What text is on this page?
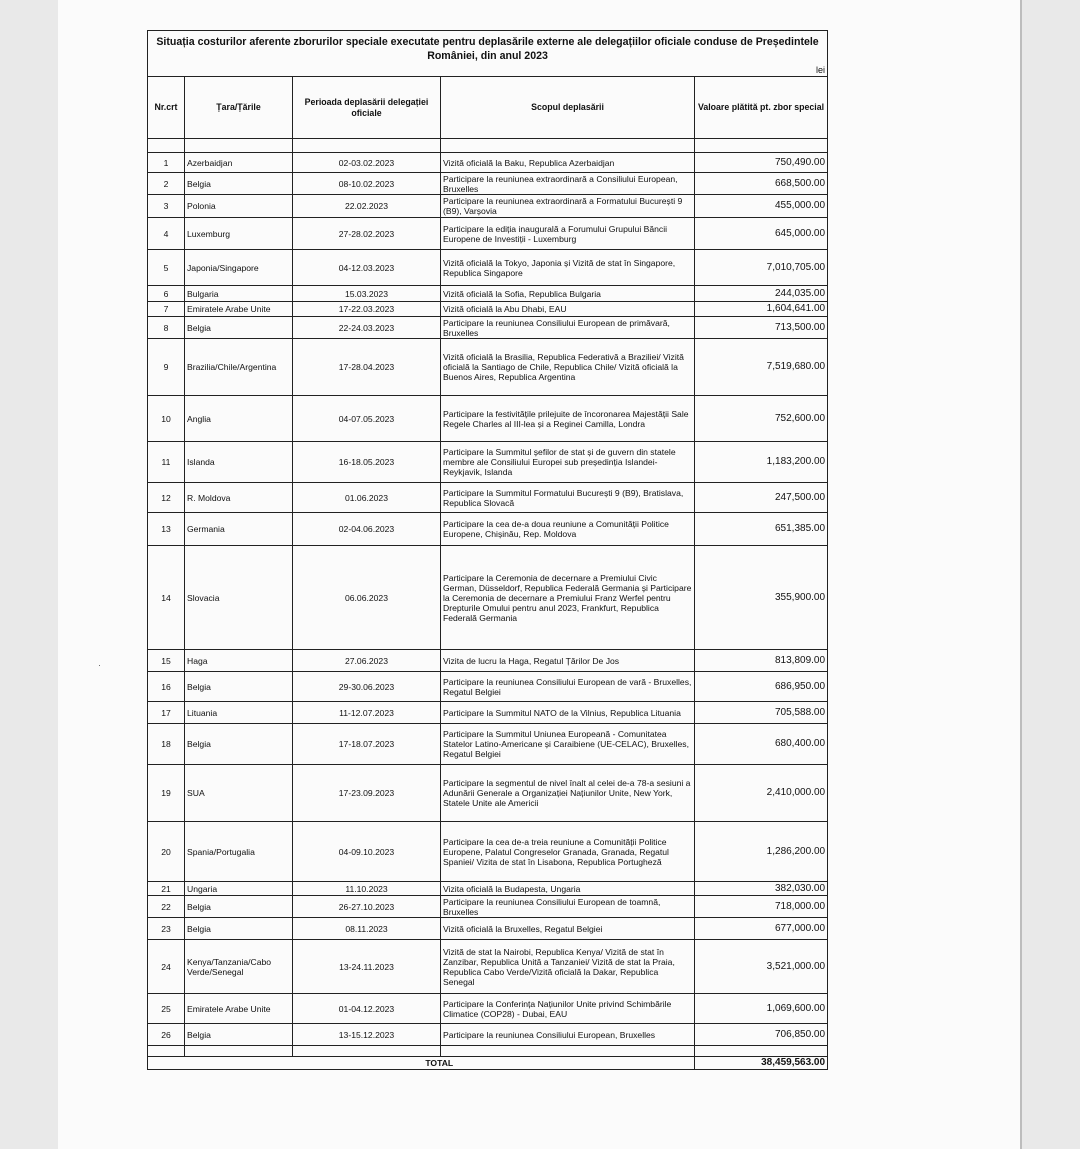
·
Situația costurilor aferente zborurilor speciale executate pentru deplasările externe ale delegațiilor oficiale conduse de Președintele României, din anul 2023				
lei				
Nr.crt	Țara/Țările	Perioada deplasării delegației oficiale	Scopul deplasării	Valoare plătită pt. zbor special

1	Azerbaidjan	02-03.02.2023	Vizită oficială la Baku, Republica Azerbaidjan	750,490.00
2	Belgia	08-10.02.2023	Participare la reuniunea extraordinară a Consiliului European, Bruxelles	668,500.00
3	Polonia	22.02.2023	Participare la reuniunea extraordinară a Formatului București 9 (B9), Varșovia	455,000.00
4	Luxemburg	27-28.02.2023	Participare la ediția inaugurală a Forumului Grupului Băncii Europene de Investiții - Luxemburg	645,000.00
5	Japonia/Singapore	04-12.03.2023	Vizită oficială la Tokyo, Japonia și Vizită de stat în Singapore, Republica Singapore	7,010,705.00
6	Bulgaria	15.03.2023	Vizită oficială la Sofia, Republica Bulgaria	244,035.00
7	Emiratele Arabe Unite	17-22.03.2023	Vizită oficială la Abu Dhabi, EAU	1,604,641.00
8	Belgia	22-24.03.2023	Participare la reuniunea Consiliului European de primăvară, Bruxelles	713,500.00
9	Brazilia/Chile/Argentina	17-28.04.2023	Vizită oficială la Brasilia, Republica Federativă a Braziliei/ Vizită oficială la Santiago de Chile, Republica Chile/ Vizită oficială la Buenos Aires, Republica Argentina	7,519,680.00
10	Anglia	04-07.05.2023	Participare la festivitățile prilejuite de încoronarea Majestății Sale Regele Charles al III-lea și a Reginei Camilla, Londra	752,600.00
11	Islanda	16-18.05.2023	Participare la Summitul șefilor de stat și de guvern din statele membre ale Consiliului Europei sub președinția Islandei- Reykjavik, Islanda	1,183,200.00
12	R. Moldova	01.06.2023	Participare la Summitul Formatului București 9 (B9), Bratislava, Republica Slovacă	247,500.00
13	Germania	02-04.06.2023	Participare la cea de-a doua reuniune a Comunității Politice Europene, Chișinău, Rep. Moldova	651,385.00
14	Slovacia	06.06.2023	Participare la Ceremonia de decernare a Premiului Civic German, Düsseldorf, Republica Federală Germania și Participare la Ceremonia de decernare a Premiului Franz Werfel pentru Drepturile Omului pentru anul 2023, Frankfurt, Republica Federală Germania	355,900.00
15	Haga	27.06.2023	Vizita de lucru la Haga, Regatul Țărilor De Jos	813,809.00
16	Belgia	29-30.06.2023	Participare la reuniunea Consiliului European de vară - Bruxelles, Regatul Belgiei	686,950.00
17	Lituania	11-12.07.2023	Participare la Summitul NATO de la Vilnius, Republica Lituania	705,588.00
18	Belgia	17-18.07.2023	Participare la Summitul Uniunea Europeană - Comunitatea Statelor Latino-Americane și Caraibiene (UE-CELAC), Bruxelles, Regatul Belgiei	680,400.00
19	SUA	17-23.09.2023	Participare la segmentul de nivel înalt al celei de-a 78-a sesiuni a Adunării Generale a Organizației Națiunilor Unite, New York, Statele Unite ale Americii	2,410,000.00
20	Spania/Portugalia	04-09.10.2023	Participare la cea de-a treia reuniune a Comunității Politice Europene, Palatul Congreselor Granada, Granada, Regatul Spaniei/ Vizita de stat în Lisabona, Republica Portugheză	1,286,200.00
21	Ungaria	11.10.2023	Vizita oficială la Budapesta, Ungaria	382,030.00
22	Belgia	26-27.10.2023	Participare la reuniunea Consiliului European de toamnă, Bruxelles	718,000.00
23	Belgia	08.11.2023	Vizită oficială la Bruxelles, Regatul Belgiei	677,000.00
24	Kenya/Tanzania/Cabo Verde/Senegal	13-24.11.2023	Vizită de stat la Nairobi, Republica Kenya/ Vizită de stat în Zanzibar, Republica Unită a Tanzaniei/ Vizită de stat la Praia, Republica Cabo Verde/Vizită oficială la Dakar, Republica Senegal	3,521,000.00
25	Emiratele Arabe Unite	01-04.12.2023	Participare la Conferința Națiunilor Unite privind Schimbările Climatice (COP28) - Dubai, EAU	1,069,600.00
26	Belgia	13-15.12.2023	Participare la reuniunea Consiliului European, Bruxelles	706,850.00

	TOTAL			38,459,563.00
